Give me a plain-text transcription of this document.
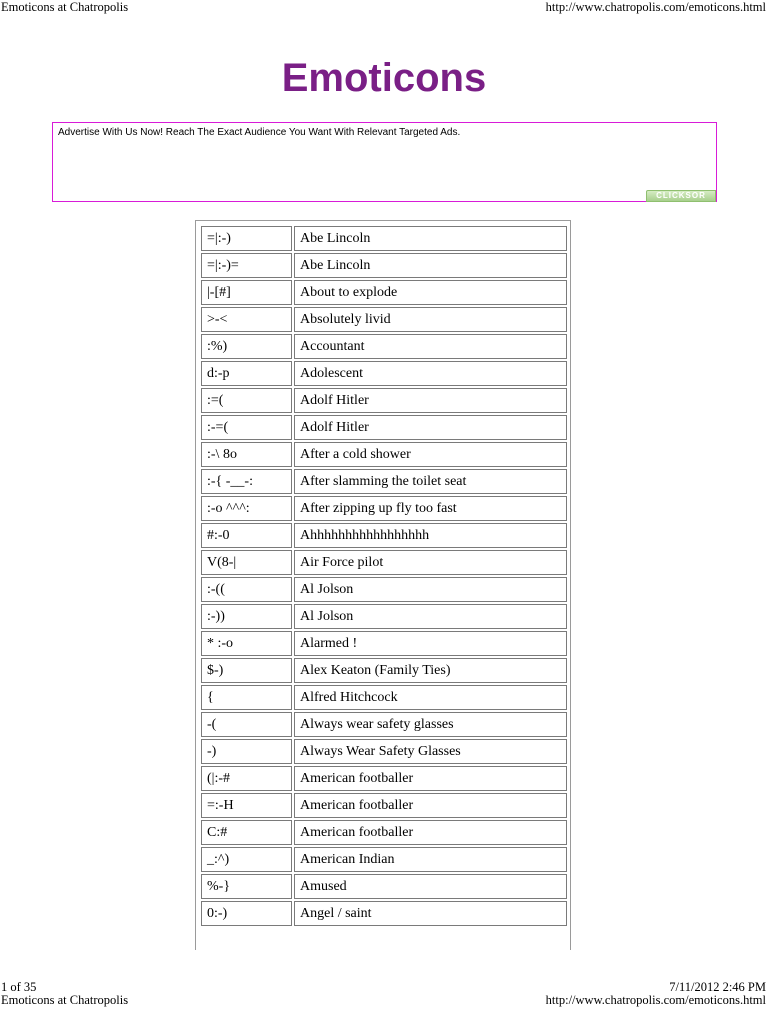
Emoticons at Chatropolis	http://www.chatropolis.com/emoticons.html
Emoticons
Advertise With Us Now! Reach The Exact Audience You Want With Relevant Targeted Ads.
CLICKSOR
=|:-)	Abe Lincoln
=|:-)=	Abe Lincoln
|-[#]	About to explode
>-<	Absolutely livid
:%)	Accountant
d:-p	Adolescent
:=(	Adolf Hitler
:-=(	Adolf Hitler
:-\ 8o	After a cold shower
:-{ -__-:	After slamming the toilet seat
:-o ^^^:	After zipping up fly too fast
#:-0	Ahhhhhhhhhhhhhhhhh
V(8-|	Air Force pilot
:-((	Al Jolson
:-))	Al Jolson
* :-o	Alarmed !
$-)	Alex Keaton (Family Ties)
{	Alfred Hitchcock
-(	Always wear safety glasses
-)	Always Wear Safety Glasses
(|:-#	American footballer
=:-H	American footballer
C:#	American footballer
_:^)	American Indian
%-}	Amused
0:-)	Angel / saint
1 of 35	7/11/2012 2:46 PM
Emoticons at Chatropolis	http://www.chatropolis.com/emoticons.html
